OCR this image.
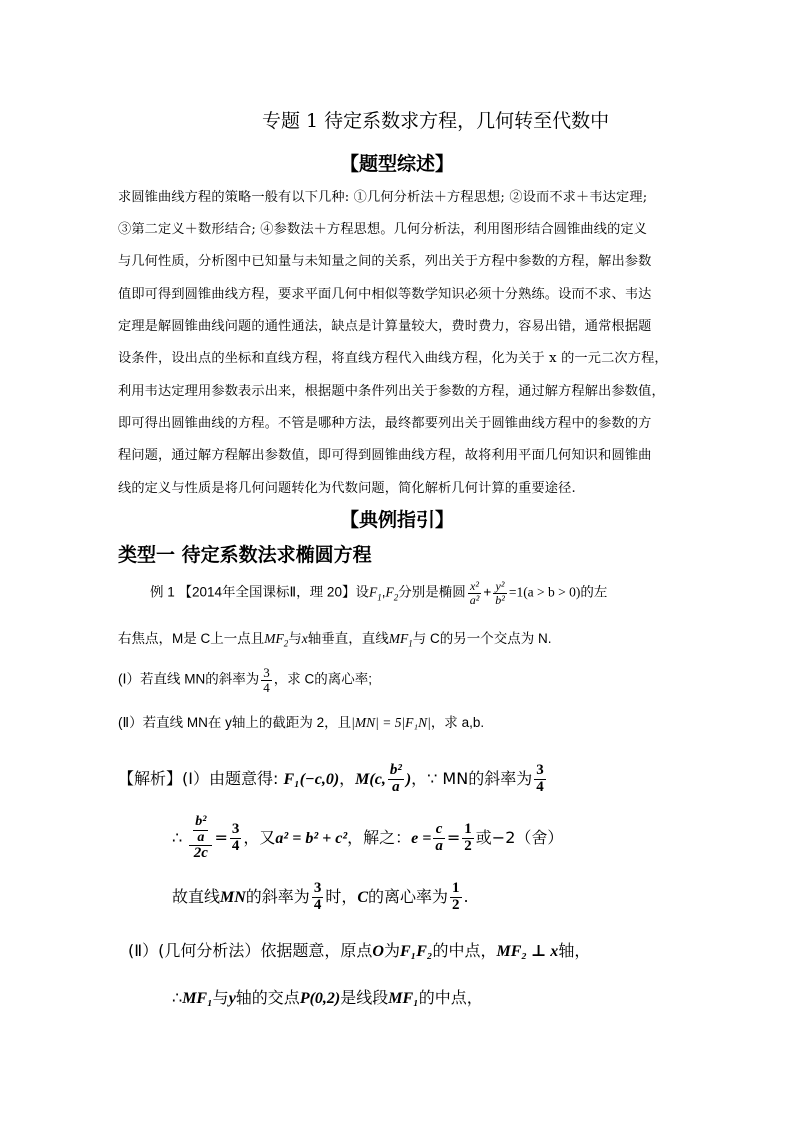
专题 1 待定系数求方程，几何转至代数中
【题型综述】
求圆锥曲线方程的策略一般有以下几种: ①几何分析法＋方程思想; ②设而不求＋韦达定理;
③第二定义＋数形结合; ④参数法＋方程思想。几何分析法，利用图形结合圆锥曲线的定义
与几何性质，分析图中已知量与未知量之间的关系，列出关于方程中参数的方程，解出参数
值即可得到圆锥曲线方程，要求平面几何中相似等数学知识必须十分熟练。设而不求、韦达
定理是解圆锥曲线问题的通性通法，缺点是计算量较大，费时费力，容易出错，通常根据题
设条件，设出点的坐标和直线方程，将直线方程代入曲线方程，化为关于 x 的一元二次方程，
利用韦达定理用参数表示出来，根据题中条件列出关于参数的方程，通过解方程解出参数值，
即可得出圆锥曲线的方程。不管是哪种方法，最终都要列出关于圆锥曲线方程中的参数的方
程问题，通过解方程解出参数值，即可得到圆锥曲线方程，故将利用平面几何知识和圆锥曲
线的定义与性质是将几何问题转化为代数问题，简化解析几何计算的重要途径.
【典例指引】
类型一 待定系数法求椭圆方程
例 1 【2014年全国课标Ⅱ，理 20】设$F_1,F_2$分别是椭圆 $\frac{\text{x²}}{\text{a²}} + \frac{\text{y²}}{\text{b²}} =1(a > b > 0)$的左
右焦点，M是 C上一点且$MF_2$与x轴垂直，直线$MF_1$与 C的另一个交点为 N.
(Ⅰ）若直线 MN的斜率为 $\frac{3}{4}$ ，求 C的离心率;
(Ⅱ）若直线 MN在 y轴上的截距为 2，且|MN| = 5|F₁N|，求 a,b.
【解析】(Ⅰ）由题意得: F₁(−c,0)，M(c, $\frac{\text{b²}}{a}$ )，∵ MN的斜率为 $\frac{3}{4}$
∴ $\frac{\frac{\text{b²}}{a}}{2c} = \frac{3}{4}$ ，又a² = b² + c²，解之：$e = \frac{c}{a} = \frac{1}{2}$ 或−2（舍）
故直线MN的斜率为 $\frac{3}{4}$ 时，C的离心率为 $\frac{1}{2}$ .
(Ⅱ）(几何分析法）依据题意，原点O为F₁F₂的中点，MF₂ ⊥ x轴，
∴MF₁与y轴的交点P(0,2)是线段MF₁的中点，
